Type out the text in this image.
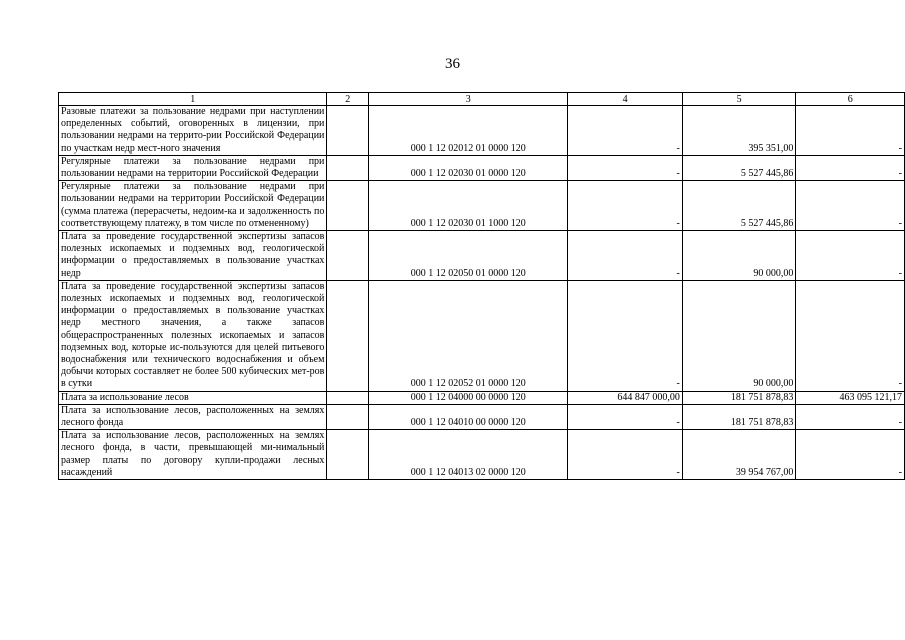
36
1	2	3	4	5	6
Разовые платежи за пользование недрами при наступлении определенных событий, оговоренных в лицензии, при пользовании недрами на террито-рии Российской Федерации по участкам недр мест-ного значения		000 1 12 02012 01 0000 120	-	395 351,00	-
Регулярные платежи за пользование недрами при пользовании недрами на территории Российской Федерации		000 1 12 02030 01 0000 120	-	5 527 445,86	-
Регулярные платежи за пользование недрами при пользовании недрами на территории Российской Федерации (сумма платежа (перерасчеты, недоим-ка и задолженность по соответствующему платежу, в том числе по отмененному)		000 1 12 02030 01 1000 120	-	5 527 445,86	-
Плата за проведение государственной экспертизы запасов полезных ископаемых и подземных вод, геологической информации о предоставляемых в пользование участках недр		000 1 12 02050 01 0000 120	-	90 000,00	-
Плата за проведение государственной экспертизы запасов полезных ископаемых и подземных вод, геологической информации о предоставляемых в пользование участках недр местного значения, а также запасов общераспространенных полезных ископаемых и запасов подземных вод, которые ис-пользуются для целей питьевого водоснабжения или технического водоснабжения и объем добычи которых составляет не более 500 кубических мет-ров в сутки		000 1 12 02052 01 0000 120	-	90 000,00	-
Плата за использование лесов		000 1 12 04000 00 0000 120	644 847 000,00	181 751 878,83	463 095 121,17
Плата за использование лесов, расположенных на землях лесного фонда		000 1 12 04010 00 0000 120	-	181 751 878,83	-
Плата за использование лесов, расположенных на землях лесного фонда, в части, превышающей ми-нимальный размер платы по договору купли-продажи лесных насаждений		000 1 12 04013 02 0000 120	-	39 954 767,00	-
